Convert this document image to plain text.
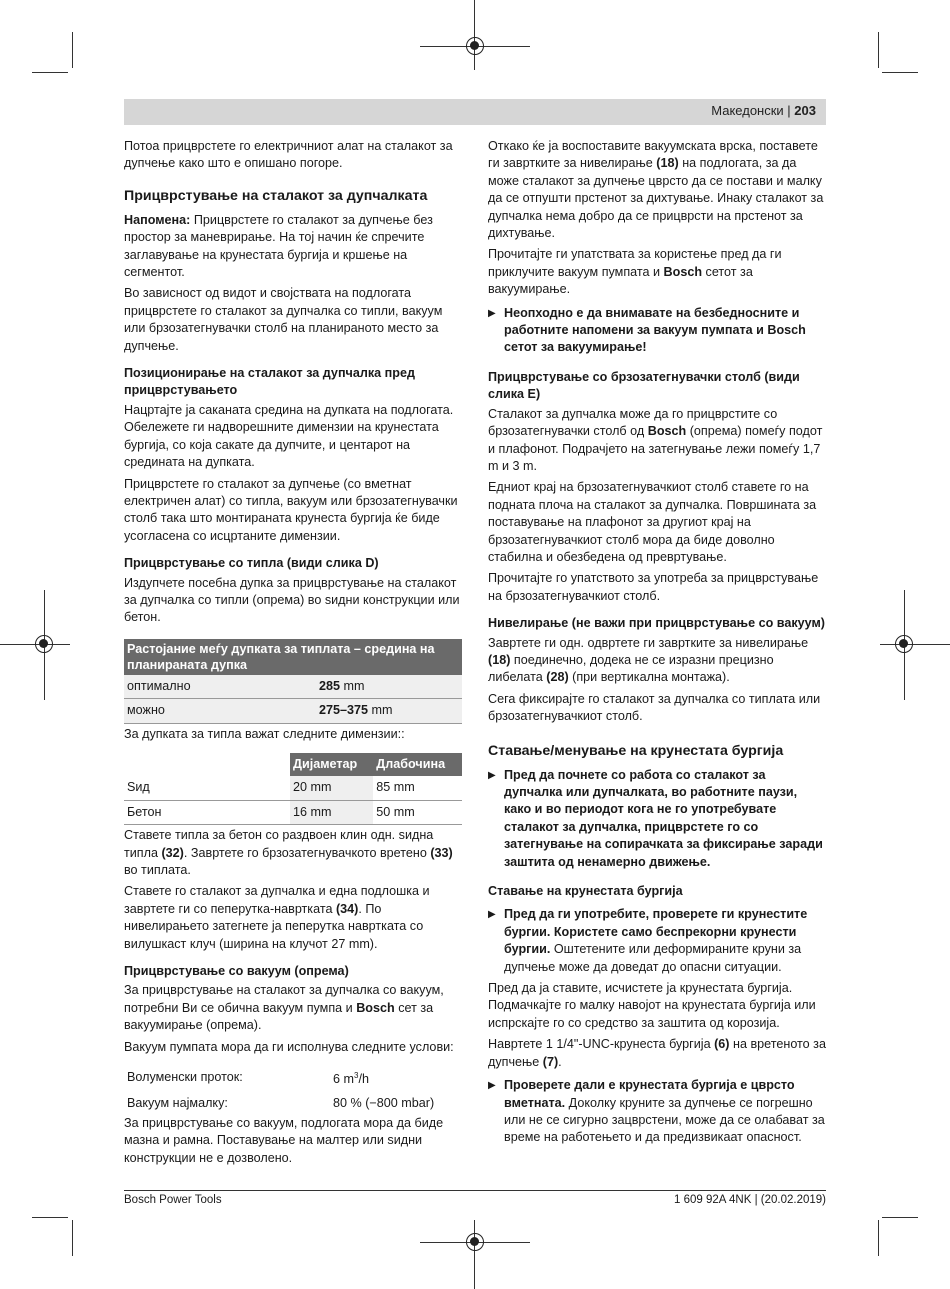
Македонски | 203

Потоа прицврстете го електричниот алат на сталакот за дупчење како што е опишано погоре.

Прицврстување на сталакот за дупчалката

Напомена: Прицврстете го сталакот за дупчење без простор за маневрирање. На тој начин ќе спречите заглавување на крунестата бургија и кршење на сегментот.

Во зависност од видот и својствата на подлогата прицврстете го сталакот за дупчалка со типли, вакуум или брзозатегнувачки столб на планираното место за дупчење.

Позиционирање на сталакот за дупчалка пред прицврстувањето

Нацртајте ја саканата средина на дупката на подлогата. Обележете ги надворешните димензии на крунестата бургија, со која сакате да дупчите, и центарот на средината на дупката.

Прицврстете го сталакот за дупчење (со вметнат електричен алат) со типла, вакуум или брзозатегнувачки столб така што монтираната крунеста бургија ќе биде усогласена со исцртаните димензии.

Прицврстување со типла (види слика D)

Издупчете посебна дупка за прицврстување на сталакот за дупчалка со типли (опрема) во sидни конструкции или бетон.

Растојание меѓу дупката за типлата – средина на планираната дупка	
оптимално	285 mm
можно	275–375 mm

За дупката за типла важат следните димензии::

	Дијаметар	Длабочина
Ѕид	20 mm	85 mm
Бетон	16 mm	50 mm

Ставете типла за бетон со раздвоен клин одн. sидна типла (32). Завртете го брзозатегнувачкото вретено (33) во типлата.

Ставете го сталакот за дупчалка и една подлошка и завртете ги со пеперутка-навртката (34). По нивелирањето затегнете ја пеперутка навртката со вилушкаст клуч (ширина на клучот 27 mm).

Прицврстување со вакуум (опрема)

За прицврстување на сталакот за дупчалка со вакуум, потребни Ви се обична вакуум пумпа и Bosch сет за вакуумирање (опрема).

Вакуум пумпата мора да ги исполнува следните услови:

Волуменски проток:	6 $m^3/h$
Вакуум најмалку:	80 % (−800 mbar)

За прицврстување со вакуум, подлогата мора да биде мазна и рамна. Поставување на малтер или sидни конструкции не е дозволено.

Откако ќе ја воспоставите вакуумската врска, поставете ги завртките за нивелирање (18) на подлогата, за да може сталакот за дупчење цврсто да се постави и малку да се отпушти прстенот за дихтување. Инаку сталакот за дупчалка нема добро да се прицврсти на прстенот за дихтување.

Прочитајте ги упатствата за користење пред да ги приклучите вакуум пумпата и Bosch сетот за вакуумирање.

▶ Неопходно е да внимавате на безбедносните и работните напомени за вакуум пумпата и Bosch сетот за вакуумирање!
Прицврстување со брзозатегнувачки столб (види слика E)

Сталакот за дупчалка може да го прицврстите со брзозатегнувачки столб од Bosch (опрема) помеѓу подот и плафонот. Подрачјето на затегнување лежи помеѓу 1,7 m и 3 m.

Едниот крај на брзозатегнувачкиот столб ставете го на подната плоча на сталакот за дупчалка. Површината за поставување на плафонот за другиот крај на брзозатегнувачкиот столб мора да биде доволно стабилна и обезбедена од превртување.

Прочитајте го упатството за употреба за прицврстување на брзозатегнувачкиот столб.

Нивелирање (не важи при прицврстување со вакуум)

Завртете ги одн. одвртете ги завртките за нивелирање (18) поединечно, додека не се изразни прецизно либелата (28) (при вертикална монтажа).

Сега фиксирајте го сталакот за дупчалка со типлата или брзозатегнувачкиот столб.

Ставање/менување на крунестата бургија
▶ Пред да почнете со работа со сталакот за дупчалка или дупчалката, во работните паузи, како и во периодот кога не го употребувате сталакот за дупчалка, прицврстете го со затегнување на сопирачката за фиксирање заради заштита од ненамерно движење.
Ставање на крунестата бургија
▶ Пред да ги употребите, проверете ги крунестите бургии. Користете само беспрекорни крунести бургии. Оштетените или деформираните круни за дупчење може да доведат до опасни ситуации.

Пред да ја ставите, исчистете ја крунестата бургија. Подмачкајте го малку навојот на крунестата бургија или испрскајте го со средство за заштита од корозија.

Навртете 1 1/4"-UNC-крунеста бургија (6) на вретеното за дупчење (7).

▶ Проверете дали е крунестата бургија е цврсто вметната. Доколку круните за дупчење се погрешно или не се сигурно зацврстени, може да се олабават за време на работењето и да предизвикаат опасност.
Bosch Power Tools	1 609 92A 4NK | (20.02.2019)
